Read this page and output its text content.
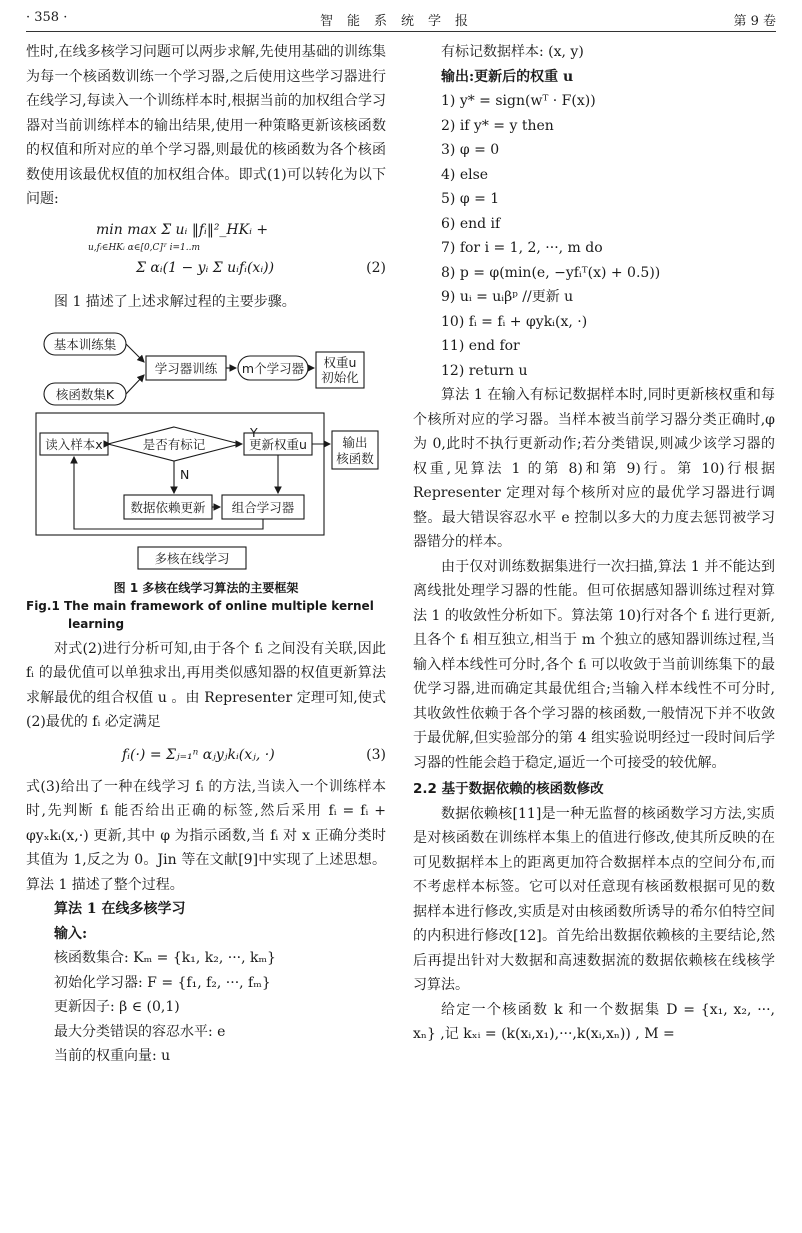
· 358 ·	智能系统学报	第 9 卷

性时,在线多核学习问题可以两步求解,先使用基础的训练集为每一个核函数训练一个学习器,之后使用这些学习器进行在线学习,每读入一个训练样本时,根据当前的加权组合学习器对当前训练样本的输出结果,使用一种策略更新该核函数的权值和所对应的单个学习器,则最优的核函数为各个核函数使用该最优权值的加权组合体。即式(1)可以转化为以下问题:

min max Σ uᵢ ‖fᵢ‖²_HKᵢ +
u,fᵢ∈HKᵢ α∈[0,C]ᵀ i=1..m
Σ αᵢ(1 − yᵢ Σ uᵢfᵢ(xᵢ))	(2)

图 1 描述了上述求解过程的主要步骤。

基本训练集
核函数集K
学习器训练 m个学习器 权重u
初始化
读入样本x	是否有标记	更新权重u	输出
核函数
Y
N
数据依赖更新 组合学习器
多核在线学习
图 1 多核在线学习算法的主要框架
Fig.1 The main framework of online multiple kernel
learning

对式(2)进行分析可知,由于各个 fᵢ 之间没有关联,因此 fᵢ 的最优值可以单独求出,再用类似感知器的权值更新算法求解最优的组合权值 u 。由 Representer 定理可知,使式(2)最优的 fᵢ 必定满足

fᵢ(·) = Σⱼ₌₁ⁿ αⱼyⱼkᵢ(xⱼ, ·)	(3)

式(3)给出了一种在线学习 fᵢ 的方法,当读入一个训练样本时,先判断 fᵢ 能否给出正确的标签,然后采用 fᵢ = fᵢ + φyₓkᵢ(x,·) 更新,其中 φ 为指示函数,当 fᵢ 对 x 正确分类时其值为 1,反之为 0。Jin 等在文献[9]中实现了上述思想。算法 1 描述了整个过程。

算法 1 在线多核学习
输入:
核函数集合: Kₘ = {k₁, k₂, ···, kₘ}
初始化学习器: F = {f₁, f₂, ···, fₘ}
更新因子: β ∈ (0,1)
最大分类错误的容忍水平: e
当前的权重向量: u
有标记数据样本: (x, y)
输出:更新后的权重 u
1) y* = sign(wᵀ · F(x))
2) if y* = y then
3) φ = 0
4) else
5) φ = 1
6) end if
7) for i = 1, 2, ···, m do
8) p = φ(min(e, −yfᵢᵀ(x) + 0.5))
9) uᵢ = uᵢβᵖ //更新 u
10) fᵢ = fᵢ + φykᵢ(x, ·)
11) end for
12) return u

算法 1 在输入有标记数据样本时,同时更新核权重和每个核所对应的学习器。当样本被当前学习器分类正确时,φ 为 0,此时不执行更新动作;若分类错误,则减少该学习器的权重,见算法 1 的第 8)和第 9)行。第 10)行根据 Representer 定理对每个核所对应的最优学习器进行调整。最大错误容忍水平 e 控制以多大的力度去惩罚被学习器错分的样本。

由于仅对训练数据集进行一次扫描,算法 1 并不能达到离线批处理学习器的性能。但可依据感知器训练过程对算法 1 的收敛性分析如下。算法第 10)行对各个 fᵢ 进行更新,且各个 fᵢ 相互独立,相当于 m 个独立的感知器训练过程,当输入样本线性可分时,各个 fᵢ 可以收敛于当前训练集下的最优学习器,进而确定其最优组合;当输入样本线性不可分时,其收敛性依赖于各个学习器的核函数,一般情况下并不收敛于最优解,但实验部分的第 4 组实验说明经过一段时间后学习器的性能会趋于稳定,逼近一个可接受的较优解。

2.2 基于数据依赖的核函数修改

数据依赖核[11]是一种无监督的核函数学习方法,实质是对核函数在训练样本集上的值进行修改,使其所反映的在可见数据样本上的距离更加符合数据样本点的空间分布,而不考虑样本标签。它可以对任意现有核函数根据可见的数据样本进行修改,实质是对由核函数所诱导的希尔伯特空间的内积进行修改[12]。首先给出数据依赖核的主要结论,然后再提出针对大数据和高速数据流的数据依赖核在线核学习算法。

给定一个核函数 k 和一个数据集 D = {x₁, x₂, ···, xₙ} ,记 kₓᵢ = (k(xᵢ,x₁),···,k(xᵢ,xₙ)) , M =
